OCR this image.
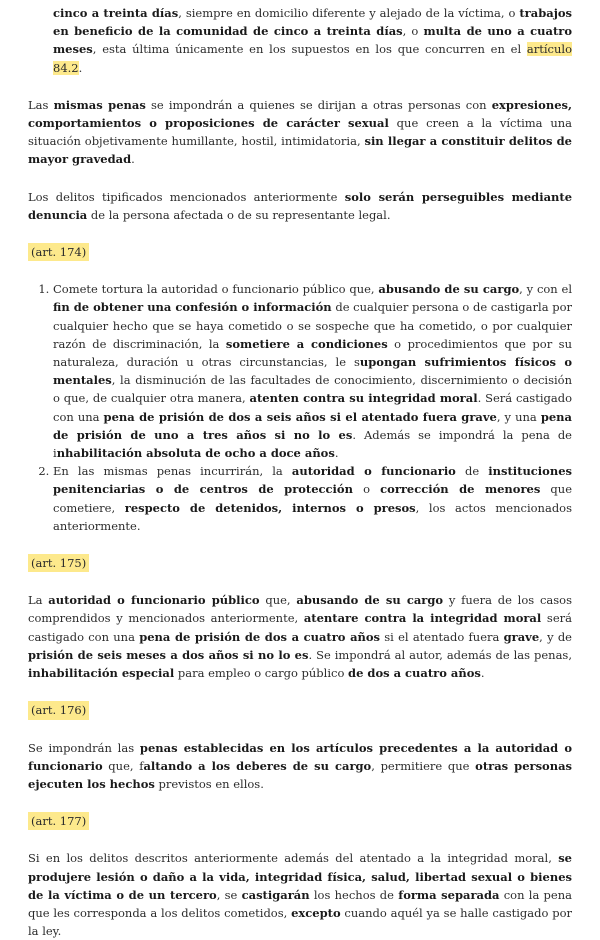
cinco a treinta días, siempre en domicilio diferente y alejado de la víctima, o trabajos en beneficio de la comunidad de cinco a treinta días, o multa de uno a cuatro meses, esta última únicamente en los supuestos en los que concurren en el artículo 84.2.

Las mismas penas se impondrán a quienes se dirijan a otras personas con expresiones, comportamientos o proposiciones de carácter sexual que creen a la víctima una situación objetivamente humillante, hostil, intimidatoria, sin llegar a constituir delitos de mayor gravedad.

Los delitos tipificados mencionados anteriormente solo serán perseguibles mediante denuncia de la persona afectada o de su representante legal.

(art. 174)
1. Comete tortura la autoridad o funcionario público que, abusando de su cargo, y con el fin de obtener una confesión o información de cualquier persona o de castigarla por cualquier hecho que se haya cometido o se sospeche que ha cometido, o por cualquier razón de discriminación, la sometiere a condiciones o procedimientos que por su naturaleza, duración u otras circunstancias, le supongan sufrimientos físicos o mentales, la disminución de las facultades de conocimiento, discernimiento o decisión o que, de cualquier otra manera, atenten contra su integridad moral. Será castigado con una pena de prisión de dos a seis años si el atentado fuera grave, y una pena de prisión de uno a tres años si no lo es. Además se impondrá la pena de inhabilitación absoluta de ocho a doce años.
2. En las mismas penas incurrirán, la autoridad o funcionario de instituciones penitenciarias o de centros de protección o corrección de menores que cometiere, respecto de detenidos, internos o presos, los actos mencionados anteriormente.
(art. 175)

La autoridad o funcionario público que, abusando de su cargo y fuera de los casos comprendidos y mencionados anteriormente, atentare contra la integridad moral será castigado con una pena de prisión de dos a cuatro años si el atentado fuera grave, y de prisión de seis meses a dos años si no lo es. Se impondrá al autor, además de las penas, inhabilitación especial para empleo o cargo público de dos a cuatro años.

(art. 176)

Se impondrán las penas establecidas en los artículos precedentes a la autoridad o funcionario que, faltando a los deberes de su cargo, permitiere que otras personas ejecuten los hechos previstos en ellos.

(art. 177)

Si en los delitos descritos anteriormente además del atentado a la integridad moral, se produjere lesión o daño a la vida, integridad física, salud, libertad sexual o bienes de la víctima o de un tercero, se castigarán los hechos de forma separada con la pena que les corresponda a los delitos cometidos, excepto cuando aquél ya se halle castigado por la ley.
